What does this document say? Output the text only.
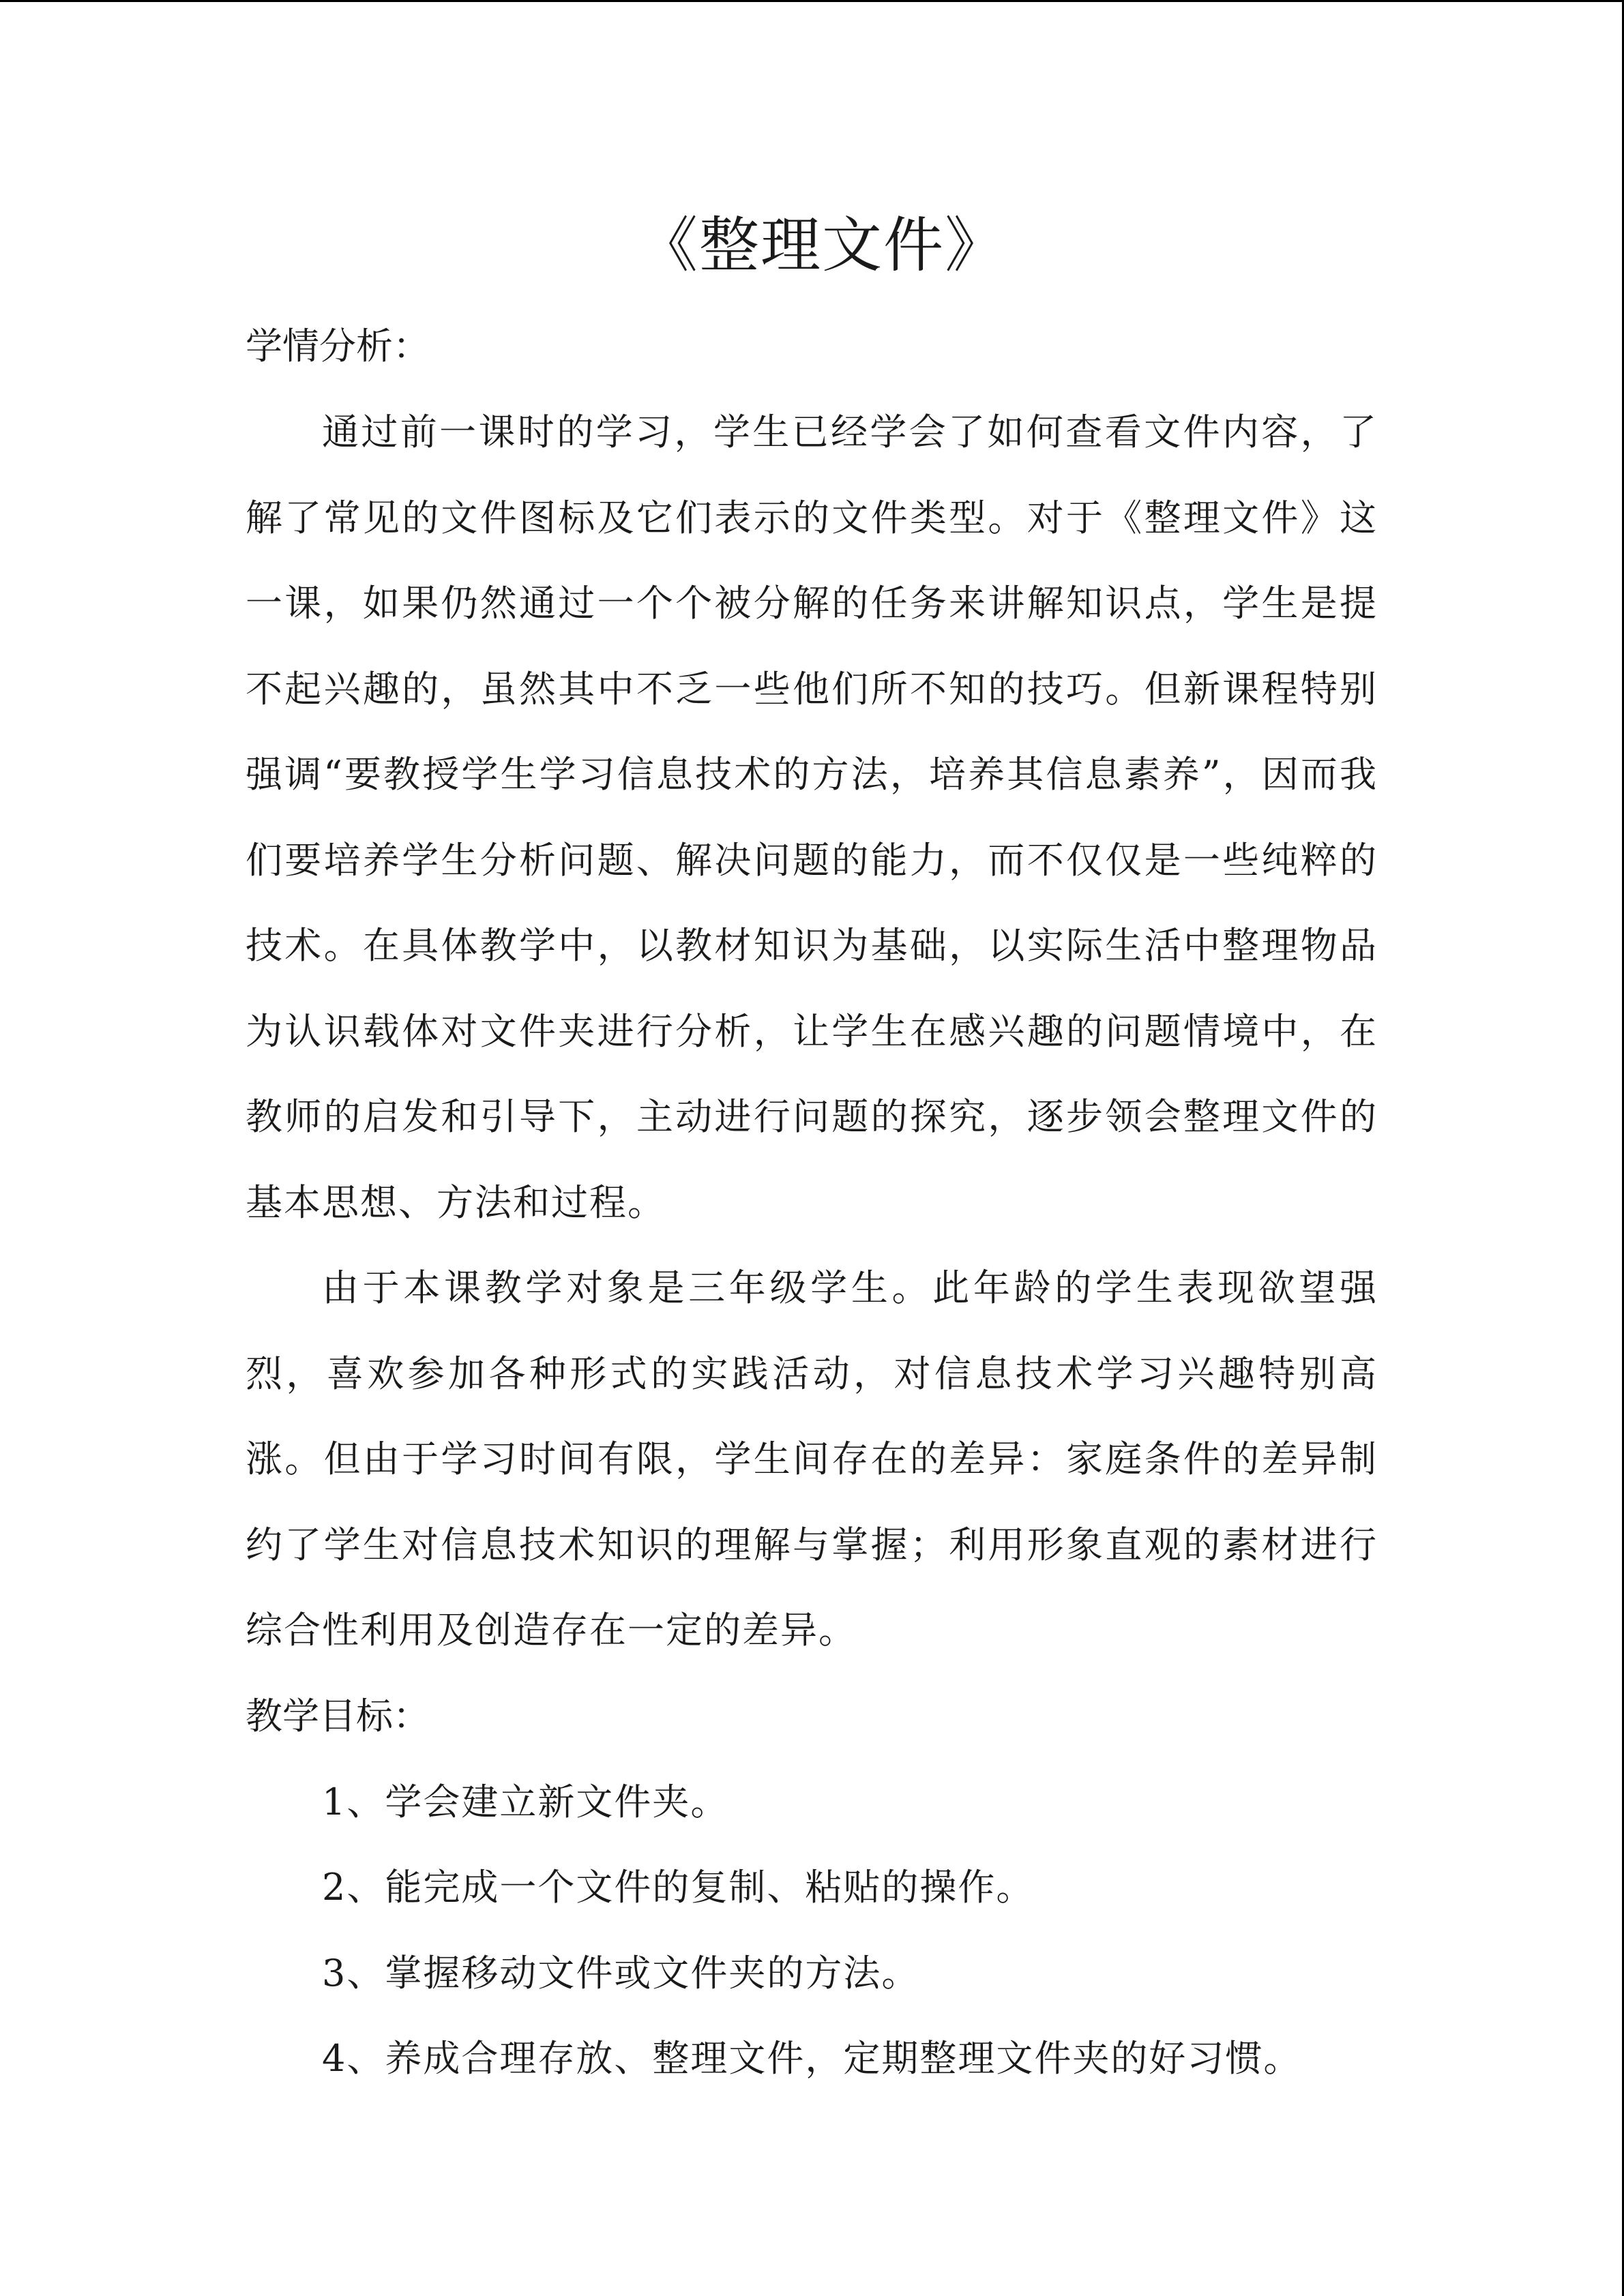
《整理文件》

学情分析：

通过前一课时的学习，学生已经学会了如何查看文件内容，了解了常见的文件图标及它们表示的文件类型。对于《整理文件》这一课，如果仍然通过一个个被分解的任务来讲解知识点，学生是提不起兴趣的，虽然其中不乏一些他们所不知的技巧。但新课程特别强调“要教授学生学习信息技术的方法，培养其信息素养”，因而我们要培养学生分析问题、解决问题的能力，而不仅仅是一些纯粹的技术。在具体教学中，以教材知识为基础，以实际生活中整理物品为认识载体对文件夹进行分析，让学生在感兴趣的问题情境中，在教师的启发和引导下，主动进行问题的探究，逐步领会整理文件的基本思想、方法和过程。

由于本课教学对象是三年级学生。此年龄的学生表现欲望强烈，喜欢参加各种形式的实践活动，对信息技术学习兴趣特别高涨。但由于学习时间有限，学生间存在的差异：家庭条件的差异制约了学生对信息技术知识的理解与掌握；利用形象直观的素材进行综合性利用及创造存在一定的差异。

教学目标：

1、学会建立新文件夹。
2、能完成一个文件的复制、粘贴的操作。
3、掌握移动文件或文件夹的方法。
4、养成合理存放、整理文件，定期整理文件夹的好习惯。
